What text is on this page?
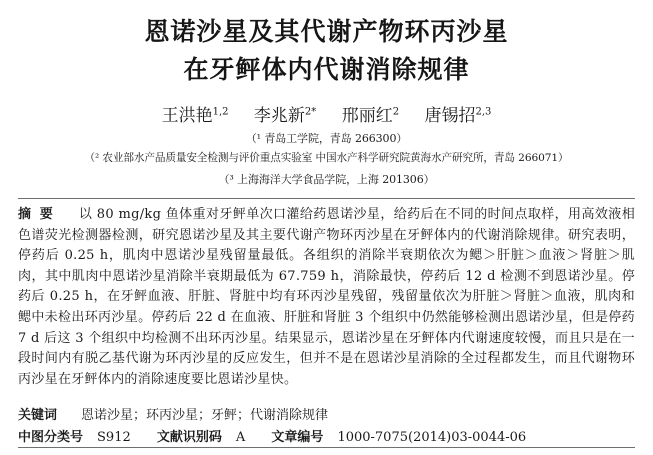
恩诺沙星及其代谢产物环丙沙星
在牙鲆体内代谢消除规律
王洪艳$^{1,2}$ 李兆新$^{2*}$ 邢丽红$^2$ 唐锡招$^{2,3}$
（¹ 青岛工学院，青岛 266300）
（² 农业部水产品质量安全检测与评价重点实验室 中国水产科学研究院黄海水产研究所，青岛 266071）
（³ 上海海洋大学食品学院，上海 201306）

摘 要 以 80 mg/kg 鱼体重对牙鲆单次口灌给药恩诺沙星，给药后在不同的时间点取样，用高效液相色谱荧光检测器检测，研究恩诺沙星及其主要代谢产物环丙沙星在牙鲆体内的代谢消除规律。研究表明，停药后 0.25 h，肌肉中恩诺沙星残留量最低。各组织的消除半衰期依次为鳃＞肝脏＞血液＞肾脏＞肌肉，其中肌肉中恩诺沙星消除半衰期最低为 67.759 h，消除最快，停药后 12 d 检测不到恩诺沙星。停药后 0.25 h，在牙鲆血液、肝脏、肾脏中均有环丙沙星残留，残留量依次为肝脏＞肾脏＞血液，肌肉和鳃中未检出环丙沙星。停药后 22 d 在血液、肝脏和肾脏 3 个组织中仍然能够检测出恩诺沙星，但是停药 7 d 后这 3 个组织中均检测不出环丙沙星。结果显示，恩诺沙星在牙鲆体内代谢速度较慢，而且只是在一段时间内有脱乙基代谢为环丙沙星的反应发生，但并不是在恩诺沙星消除的全过程都发生，而且代谢物环丙沙星在牙鲆体内的消除速度要比恩诺沙星快。

关键词 恩诺沙星；环丙沙星；牙鲆；代谢消除规律
中图分类号 S912 文献识别码 A 文章编号 1000-7075(2014)03-0044-06
